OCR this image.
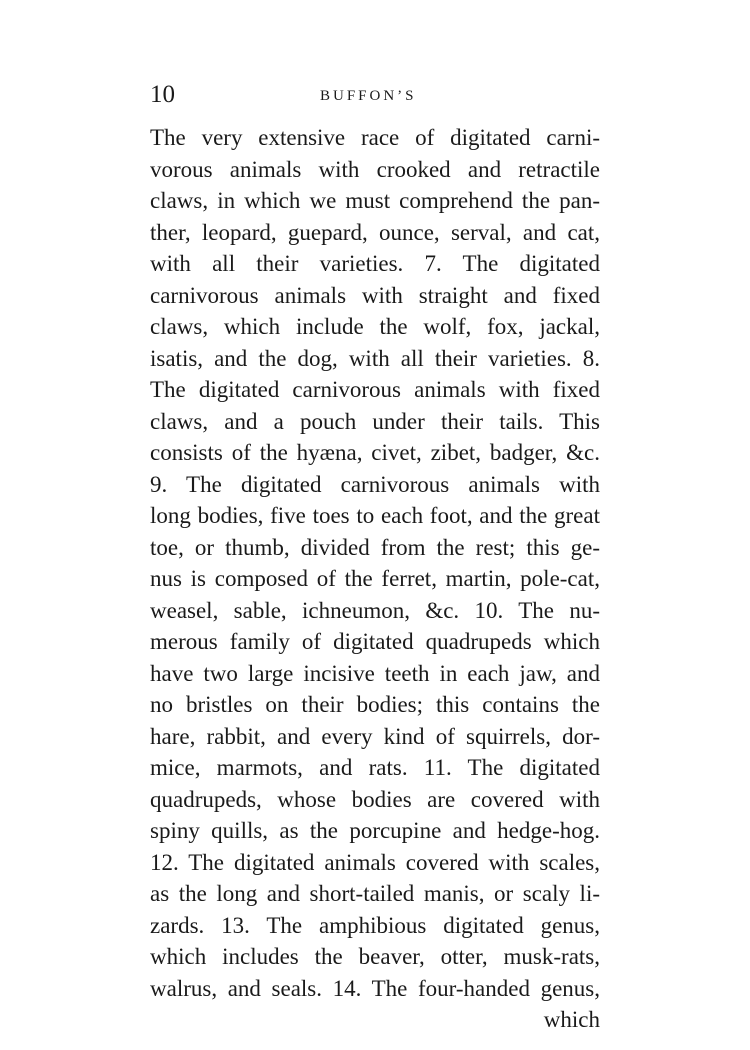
10	BUFFON’S
The very extensive race of digitated carni-
vorous animals with crooked and retractile
claws, in which we must comprehend the pan-
ther, leopard, guepard, ounce, serval, and cat,
with all their varieties. 7. The digitated
carnivorous animals with straight and fixed
claws, which include the wolf, fox, jackal,
isatis, and the dog, with all their varieties. 8.
The digitated carnivorous animals with fixed
claws, and a pouch under their tails. This
consists of the hyæna, civet, zibet, badger, &c.
9. The digitated carnivorous animals with
long bodies, five toes to each foot, and the great
toe, or thumb, divided from the rest; this ge-
nus is composed of the ferret, martin, pole-cat,
weasel, sable, ichneumon, &c. 10. The nu-
merous family of digitated quadrupeds which
have two large incisive teeth in each jaw, and
no bristles on their bodies; this contains the
hare, rabbit, and every kind of squirrels, dor-
mice, marmots, and rats. 11. The digitated
quadrupeds, whose bodies are covered with
spiny quills, as the porcupine and hedge-hog.
12. The digitated animals covered with scales,
as the long and short-tailed manis, or scaly li-
zards. 13. The amphibious digitated genus,
which includes the beaver, otter, musk-rats,
walrus, and seals. 14. The four-handed genus,
which
